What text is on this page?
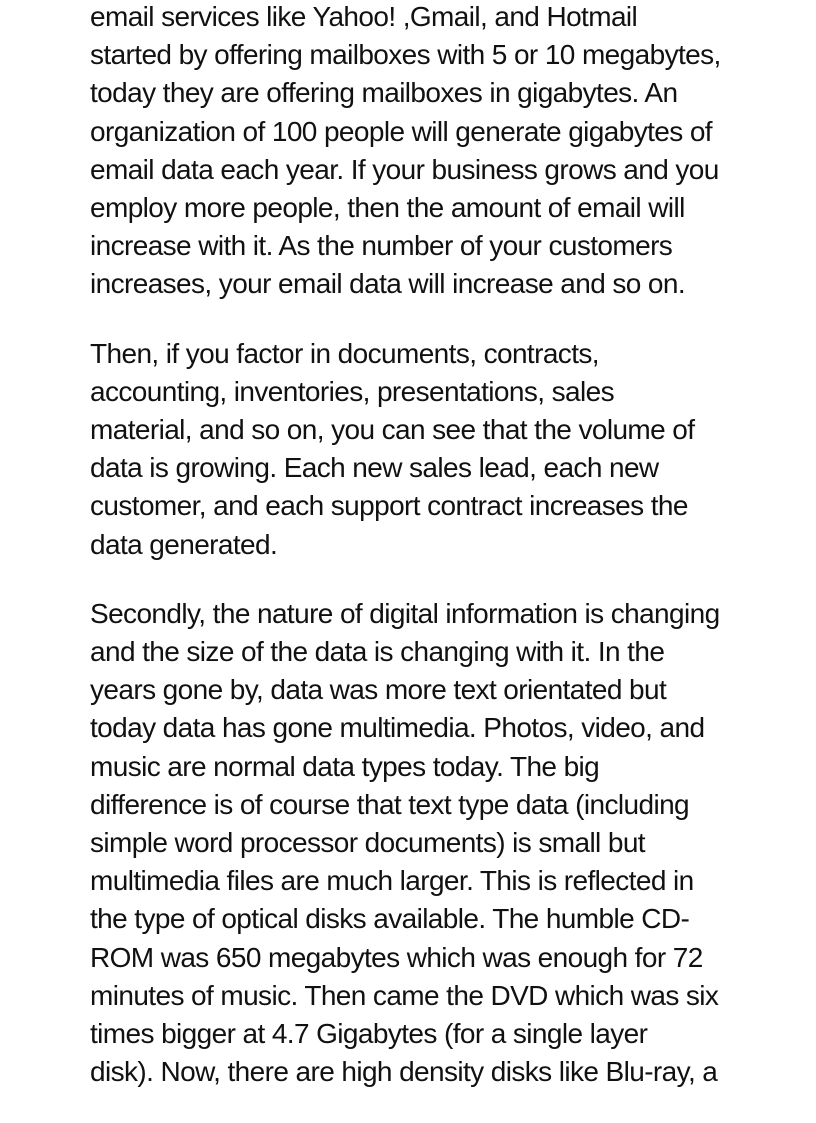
email services like Yahoo! ,Gmail, and Hotmail
started by offering mailboxes with 5 or 10 megabytes,
today they are offering mailboxes in gigabytes. An
organization of 100 people will generate gigabytes of
email data each year. If your business grows and you
employ more people, then the amount of email will
increase with it. As the number of your customers
increases, your email data will increase and so on.

Then, if you factor in documents, contracts,
accounting, inventories, presentations, sales
material, and so on, you can see that the volume of
data is growing. Each new sales lead, each new
customer, and each support contract increases the
data generated.

Secondly, the nature of digital information is changing
and the size of the data is changing with it. In the
years gone by, data was more text orientated but
today data has gone multimedia. Photos, video, and
music are normal data types today. The big
difference is of course that text type data (including
simple word processor documents) is small but
multimedia files are much larger. This is reflected in
the type of optical disks available. The humble CD-
ROM was 650 megabytes which was enough for 72
minutes of music. Then came the DVD which was six
times bigger at 4.7 Gigabytes (for a single layer
disk). Now, there are high density disks like Blu-ray, a
